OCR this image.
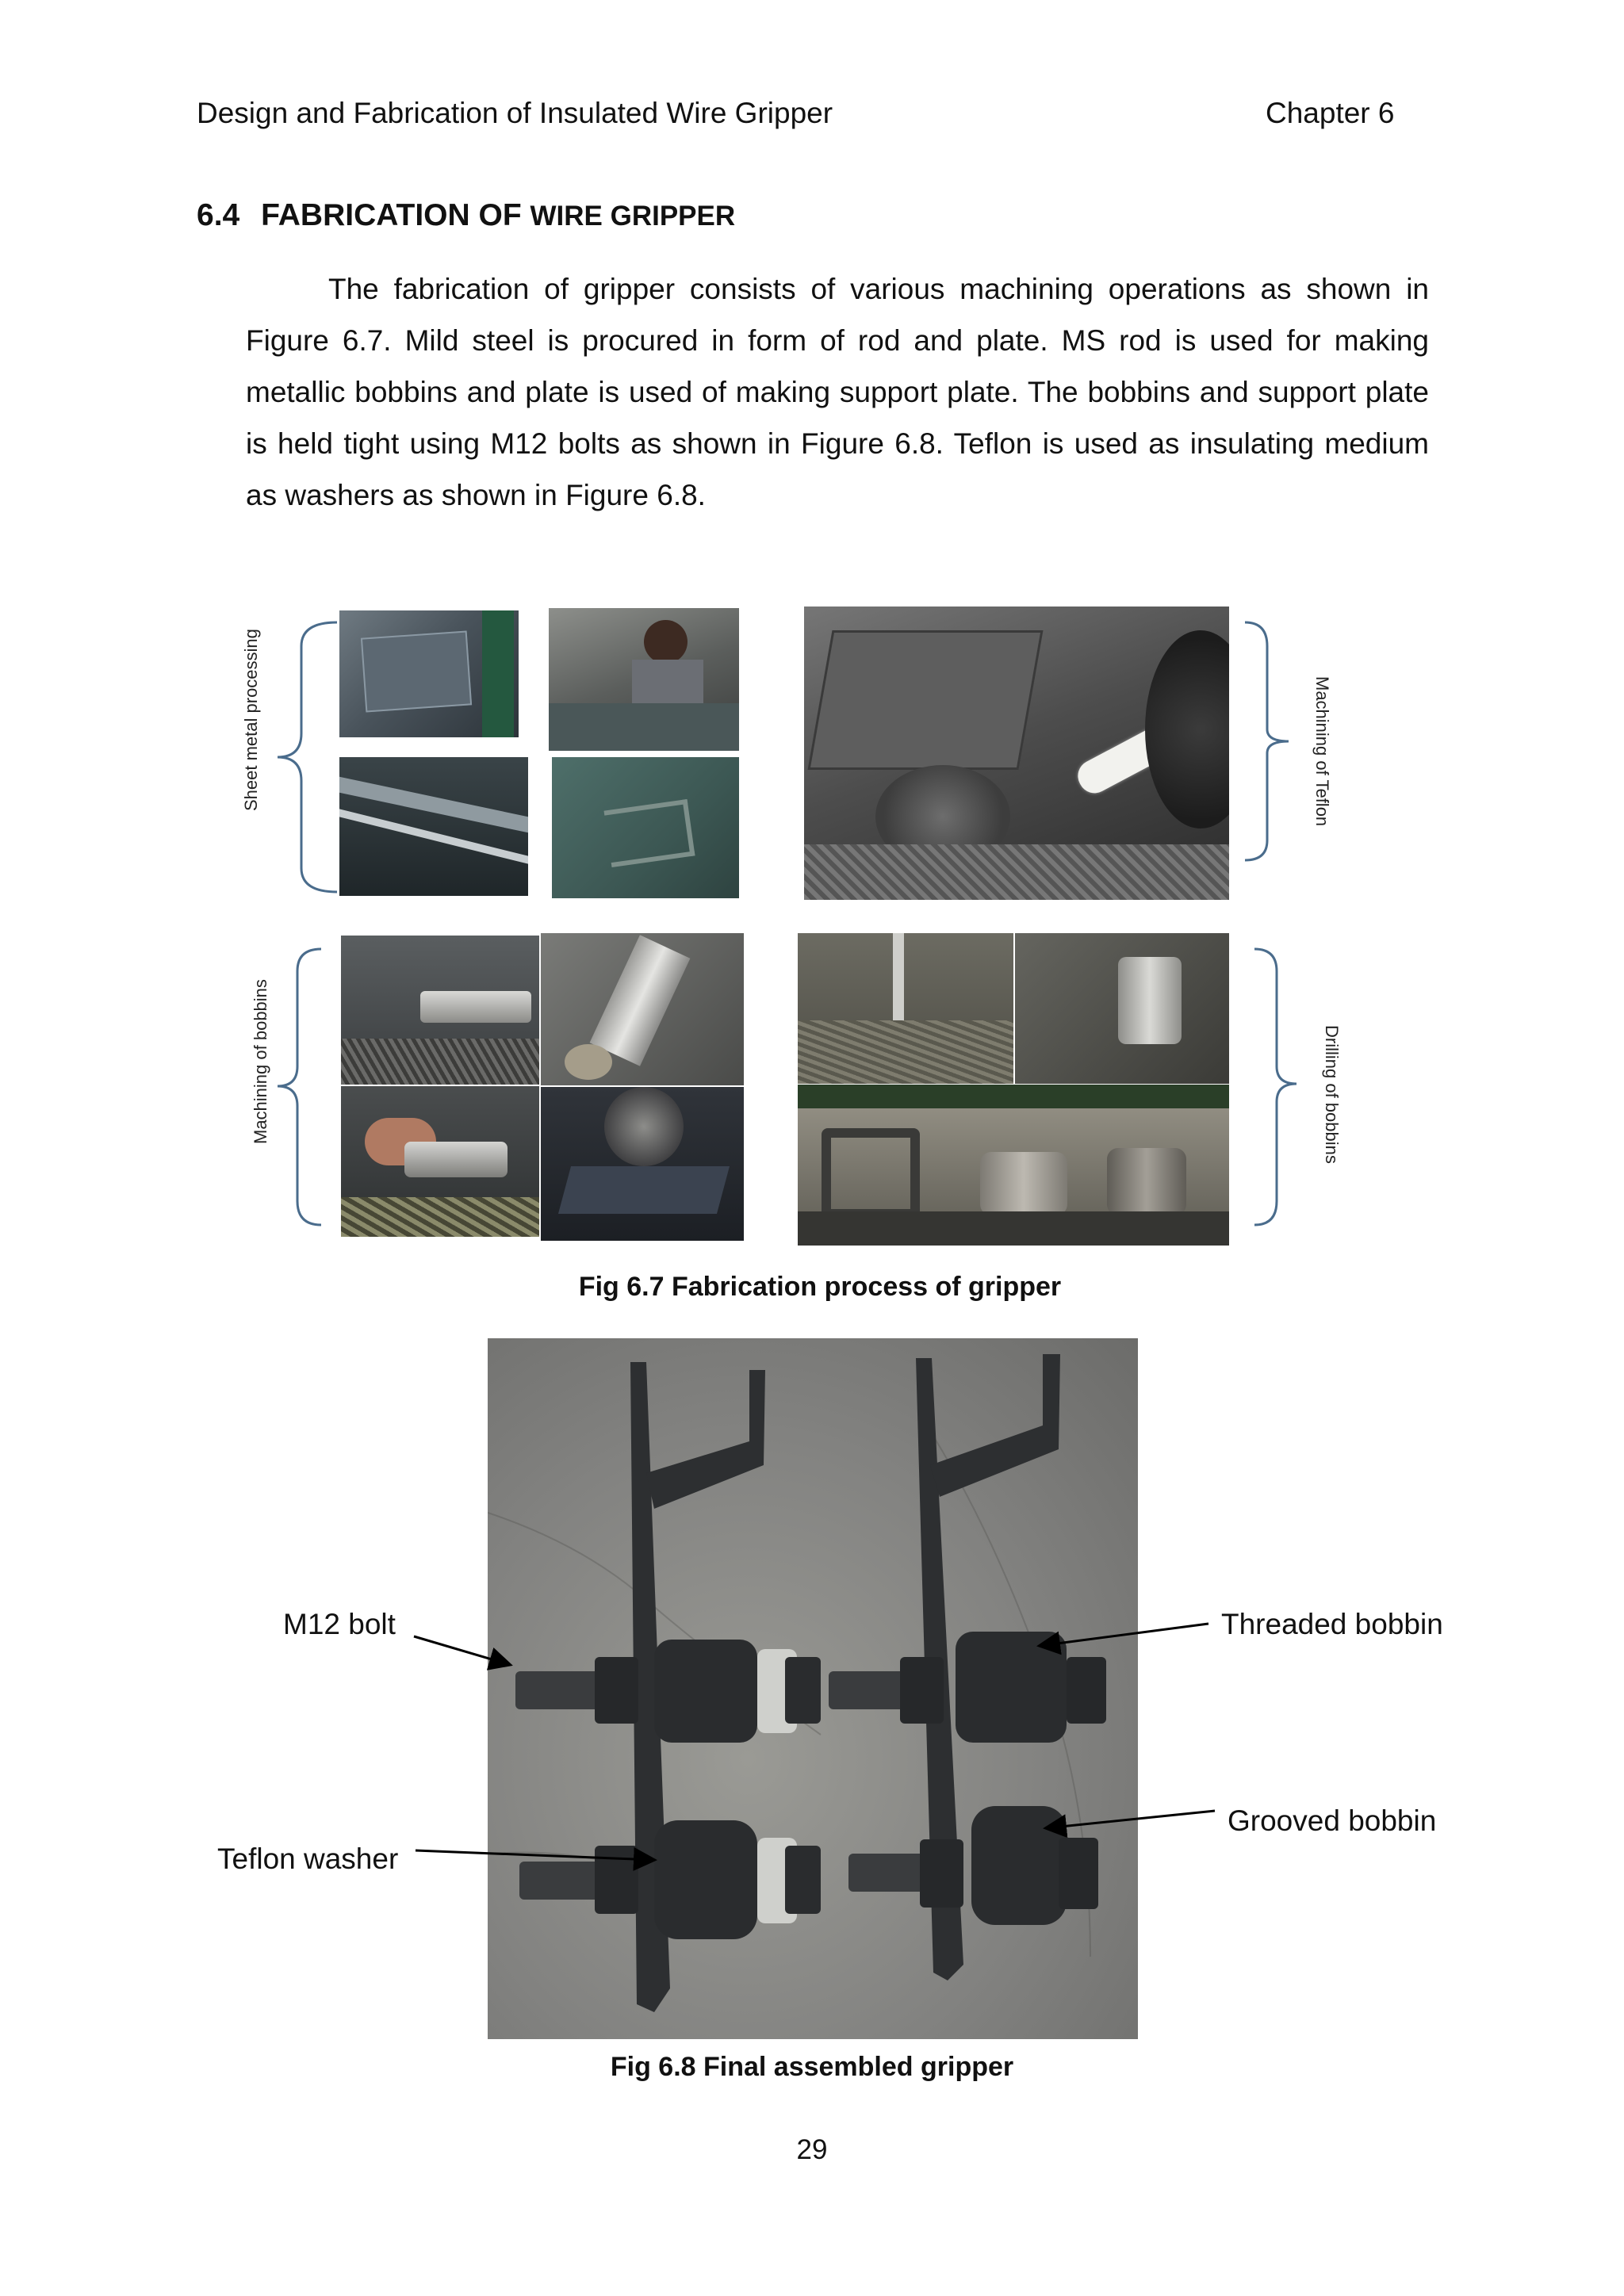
Design and Fabrication of Insulated Wire Gripper	Chapter 6
6.4 FABRICATION OF WIRE GRIPPER
The fabrication of gripper consists of various machining operations as shown in Figure 6.7. Mild steel is procured in form of rod and plate. MS rod is used for making metallic bobbins and plate is used of making support plate. The bobbins and support plate is held tight using M12 bolts as shown in Figure 6.8. Teflon is used as insulating medium as washers as shown in Figure 6.8.
Sheet metal processing	Machining of Teflon
Machining of bobbins	Drilling of bobbins
Fig 6.7 Fabrication process of gripper
M12 bolt	Threaded bobbin
Grooved bobbin
Teflon washer
Fig 6.8 Final assembled gripper
29
